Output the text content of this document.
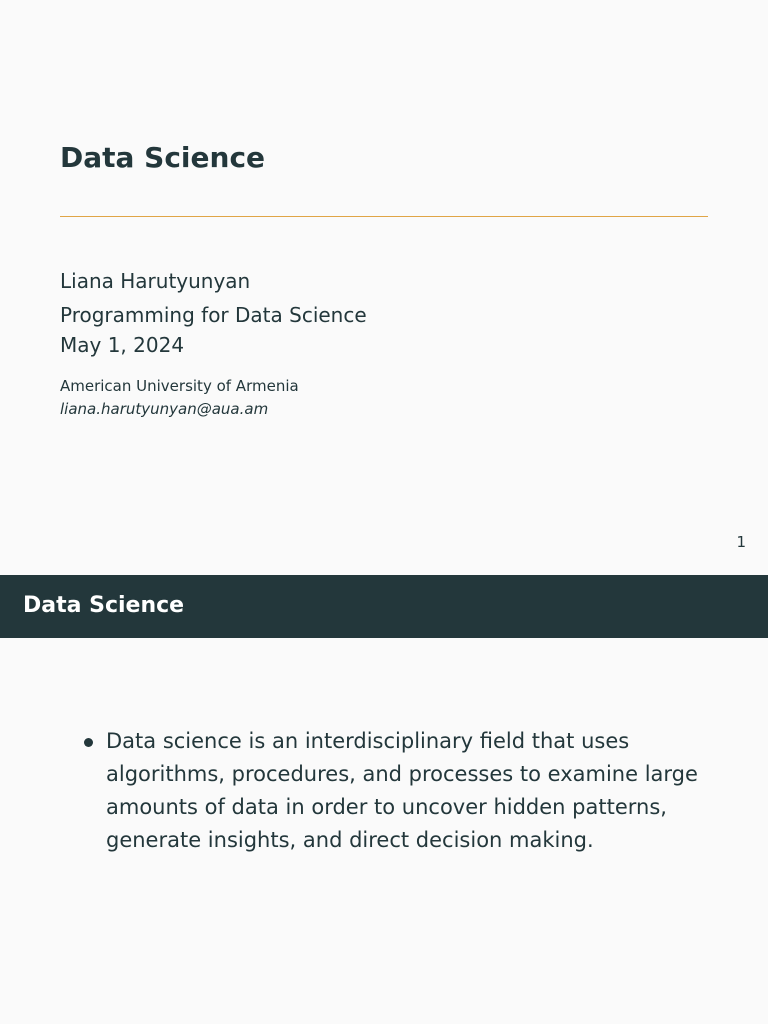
Data Science
Liana Harutyunyan
Programming for Data Science
May 1, 2024
American University of Armenia
liana.harutyunyan@aua.am
1
Data Science
Data science is an interdisciplinary field that uses algorithms, procedures, and processes to examine large amounts of data in order to uncover hidden patterns, generate insights, and direct decision making.
